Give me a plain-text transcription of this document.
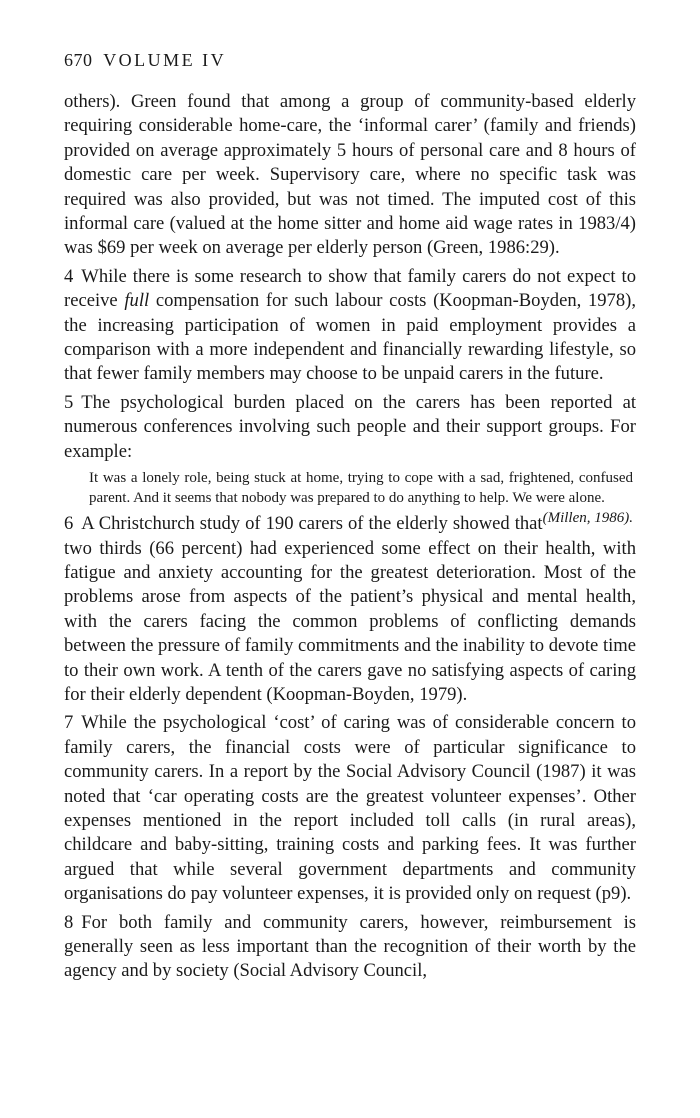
670 VOLUME IV

others). Green found that among a group of community-based elderly requiring considerable home-care, the ‘informal carer’ (family and friends) provided on average approximately 5 hours of personal care and 8 hours of domestic care per week. Supervisory care, where no specific task was required was also provided, but was not timed. The imputed cost of this informal care (valued at the home sitter and home aid wage rates in 1983/4) was $69 per week on average per elderly person (Green, 1986:29).

4 While there is some research to show that family carers do not expect to receive full compensation for such labour costs (Koopman-Boyden, 1978), the increasing participation of women in paid employment provides a comparison with a more independent and financially rewarding lifestyle, so that fewer family members may choose to be unpaid carers in the future.

5 The psychological burden placed on the carers has been reported at numerous conferences involving such people and their support groups. For example:

It was a lonely role, being stuck at home, trying to cope with a sad, frightened, confused parent. And it seems that nobody was prepared to do anything to help. We were alone.
(Millen, 1986).

6 A Christchurch study of 190 carers of the elderly showed that two thirds (66 percent) had experienced some effect on their health, with fatigue and anxiety accounting for the greatest deterioration. Most of the problems arose from aspects of the patient’s physical and mental health, with the carers facing the common problems of conflicting demands between the pressure of family commitments and the inability to devote time to their own work. A tenth of the carers gave no satisfying aspects of caring for their elderly dependent (Koopman-Boyden, 1979).

7 While the psychological ‘cost’ of caring was of considerable concern to family carers, the financial costs were of particular significance to community carers. In a report by the Social Advisory Council (1987) it was noted that ‘car operating costs are the greatest volunteer expenses’. Other expenses mentioned in the report included toll calls (in rural areas), childcare and baby-sitting, training costs and parking fees. It was further argued that while several government departments and community organisations do pay volunteer expenses, it is provided only on request (p9).

8 For both family and community carers, however, reimbursement is generally seen as less important than the recognition of their worth by the agency and by society (Social Advisory Council,
